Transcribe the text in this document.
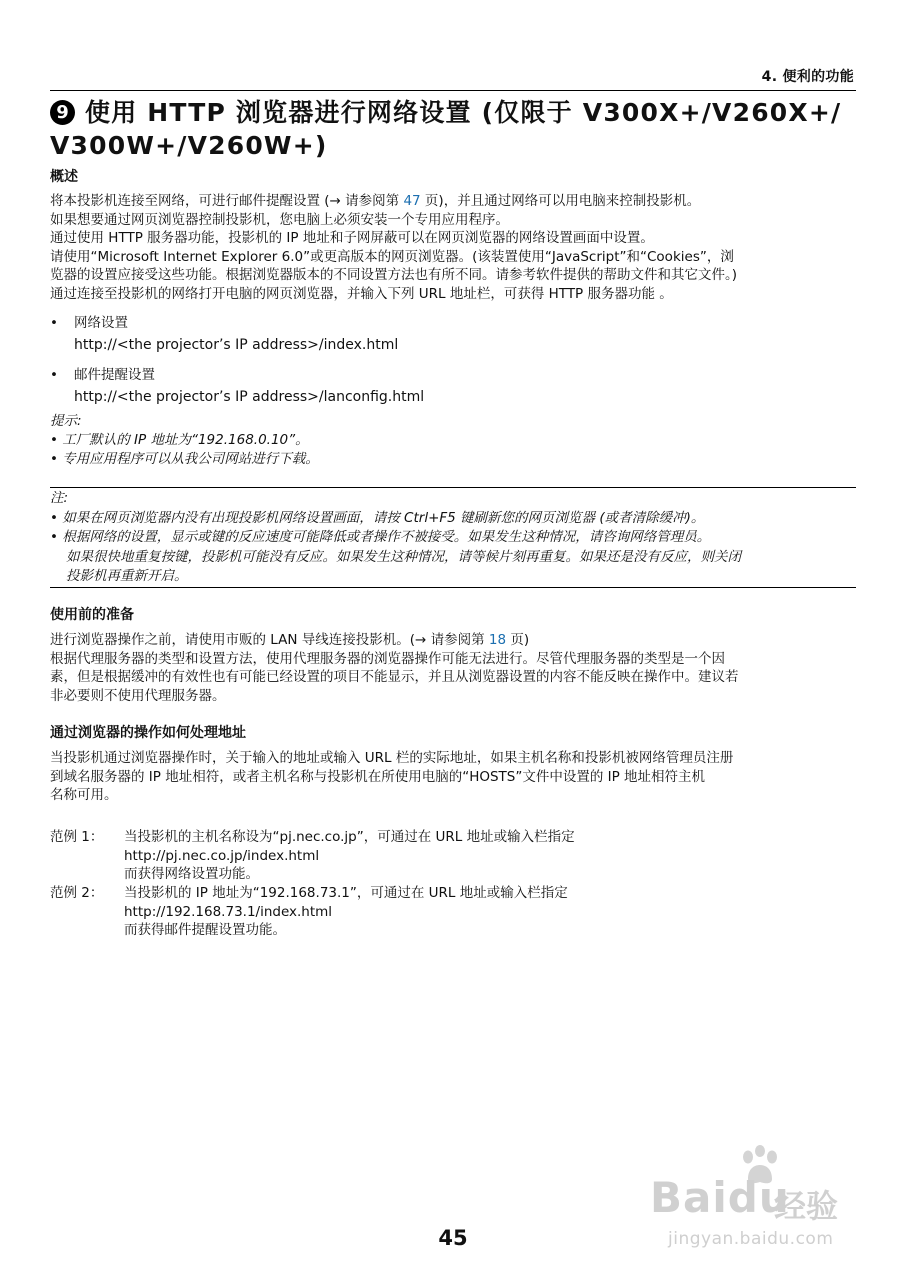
4. 便利的功能
9 使用 HTTP 浏览器进行网络设置 (仅限于 V300X+/V260X+/
V300W+/V260W+)
概述
将本投影机连接至网络，可进行邮件提醒设置 (→ 请参阅第 47 页)，并且通过网络可以用电脑来控制投影机。
如果想要通过网页浏览器控制投影机，您电脑上必须安装一个专用应用程序。
通过使用 HTTP 服务器功能，投影机的 IP 地址和子网屏蔽可以在网页浏览器的网络设置画面中设置。
请使用“Microsoft Internet Explorer 6.0”或更高版本的网页浏览器。(该装置使用“JavaScript”和“Cookies”，浏
览器的设置应接受这些功能。根据浏览器版本的不同设置方法也有所不同。请参考软件提供的帮助文件和其它文件。)
通过连接至投影机的网络打开电脑的网页浏览器，并输入下列 URL 地址栏，可获得 HTTP 服务器功能 。
• 网络设置
http://<the projector’s IP address>/index.html
• 邮件提醒设置
http://<the projector’s IP address>/lanconfig.html
提示:
• 工厂默认的 IP 地址为“192.168.0.10”。
• 专用应用程序可以从我公司网站进行下载。
注:
• 如果在网页浏览器内没有出现投影机网络设置画面，请按 Ctrl+F5 键刷新您的网页浏览器 (或者清除缓冲)。
• 根据网络的设置，显示或键的反应速度可能降低或者操作不被接受。如果发生这种情况，请咨询网络管理员。
如果很快地重复按键，投影机可能没有反应。如果发生这种情况，请等候片刻再重复。如果还是没有反应，则关闭
投影机再重新开启。
使用前的准备
进行浏览器操作之前，请使用市贩的 LAN 导线连接投影机。(→ 请参阅第 18 页)
根据代理服务器的类型和设置方法，使用代理服务器的浏览器操作可能无法进行。尽管代理服务器的类型是一个因
素，但是根据缓冲的有效性也有可能已经设置的项目不能显示，并且从浏览器设置的内容不能反映在操作中。建议若
非必要则不使用代理服务器。
通过浏览器的操作如何处理地址
当投影机通过浏览器操作时，关于输入的地址或输入 URL 栏的实际地址，如果主机名称和投影机被网络管理员注册
到域名服务器的 IP 地址相符，或者主机名称与投影机在所使用电脑的“HOSTS”文件中设置的 IP 地址相符主机
名称可用。
范例 1：	当投影机的主机名称设为“pj.nec.co.jp”，可通过在 URL 地址或输入栏指定
http://pj.nec.co.jp/index.html
而获得网络设置功能。
范例 2：	当投影机的 IP 地址为“192.168.73.1”，可通过在 URL 地址或输入栏指定
http://192.168.73.1/index.html
而获得邮件提醒设置功能。
Baidu
经验
jingyan.baidu.com
45
